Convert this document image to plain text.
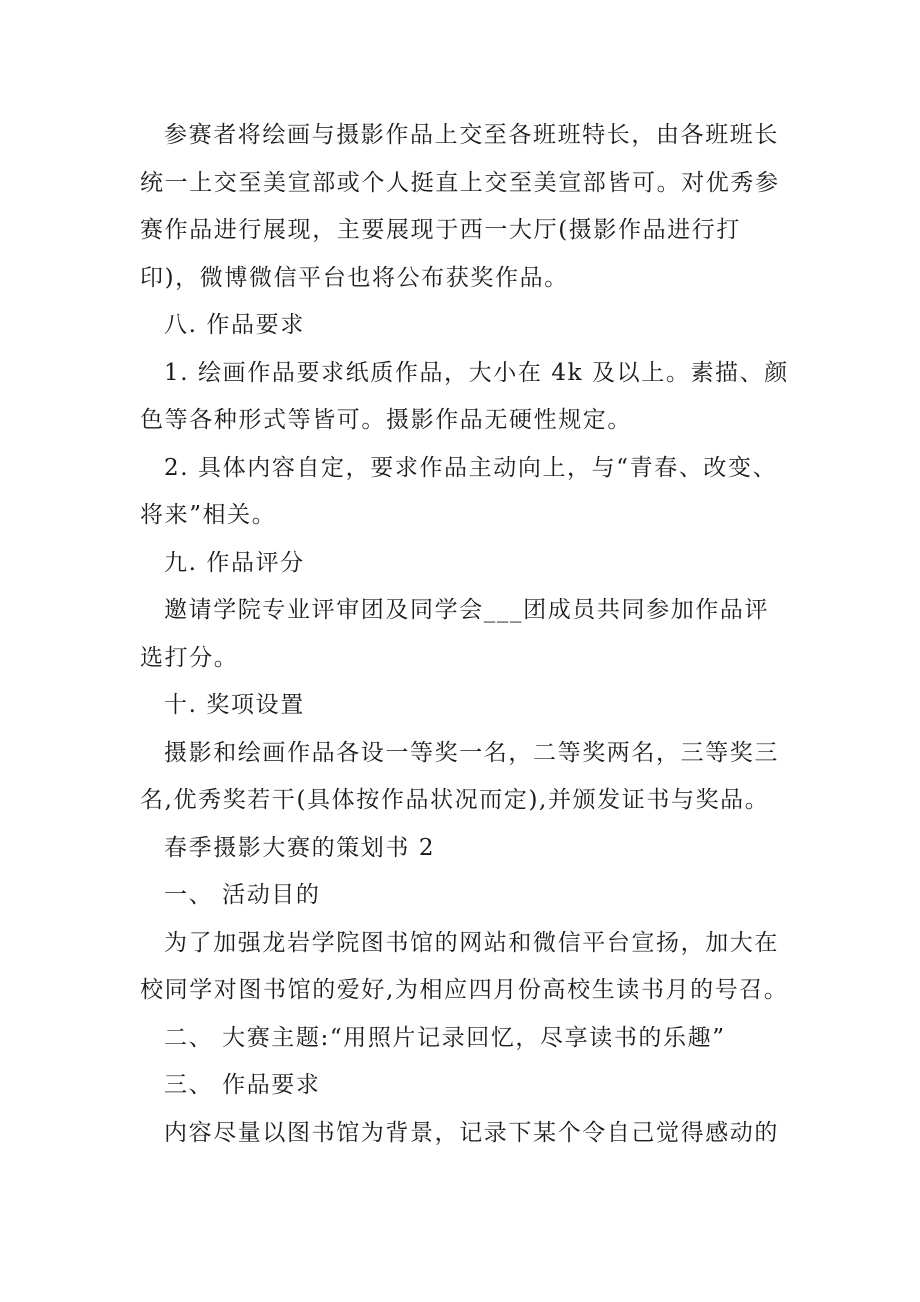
参赛者将绘画与摄影作品上交至各班班特长，由各班班长
统一上交至美宣部或个人挺直上交至美宣部皆可。对优秀参
赛作品进行展现，主要展现于西一大厅(摄影作品进行打
印)，微博微信平台也将公布获奖作品。
八. 作品要求
1. 绘画作品要求纸质作品，大小在 4k 及以上。素描、颜
色等各种形式等皆可。摄影作品无硬性规定。
2. 具体内容自定，要求作品主动向上，与“青春、改变、
将来”相关。
九. 作品评分
邀请学院专业评审团及同学会___团成员共同参加作品评
选打分。
十. 奖项设置
摄影和绘画作品各设一等奖一名，二等奖两名，三等奖三
名,优秀奖若干(具体按作品状况而定),并颁发证书与奖品。
春季摄影大赛的策划书 2
一、 活动目的
为了加强龙岩学院图书馆的网站和微信平台宣扬，加大在
校同学对图书馆的爱好,为相应四月份高校生读书月的号召。
二、 大赛主题:“用照片记录回忆，尽享读书的乐趣”
三、 作品要求
内容尽量以图书馆为背景，记录下某个令自己觉得感动的
